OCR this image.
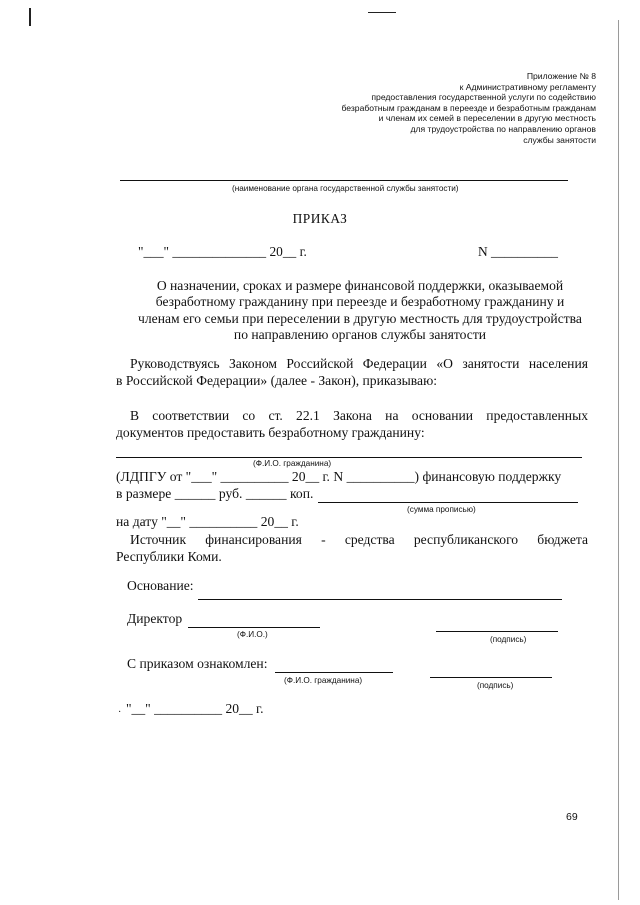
Приложение № 8
к Административному регламенту
предоставления государственной услуги по содействию
безработным гражданам в переезде и безработным гражданам
и членам их семей в переселении в другую местность
для трудоустройства по направлению органов
службы занятости
(наименование органа государственной службы занятости)
ПРИКАЗ
"___" ______________ 20__ г.	N __________
О назначении, сроках и размере финансовой поддержки, оказываемой
безработному гражданину при переезде и безработному гражданину и
членам его семьи при переселении в другую местность для трудоустройства
по направлению органов службы занятости
Руководствуясь Законом Российской Федерации «О занятости населения
в Российской Федерации» (далее - Закон), приказываю:
В соответствии со ст. 22.1 Закона на основании предоставленных
документов предоставить безработному гражданину:
(Ф.И.О. гражданина)
(ЛДПГУ от "___" __________ 20__ г. N __________) финансовую поддержку
в размере ______ руб. ______ коп.
(сумма прописью)
на дату "__" __________ 20__ г.
Источник финансирования - средства республиканского бюджета
Республики Коми.
Основание:
Директор
(Ф.И.О.)
(подпись)
С приказом ознакомлен:
(Ф.И.О. гражданина)
(подпись)
· "__" __________ 20__ г.
69
